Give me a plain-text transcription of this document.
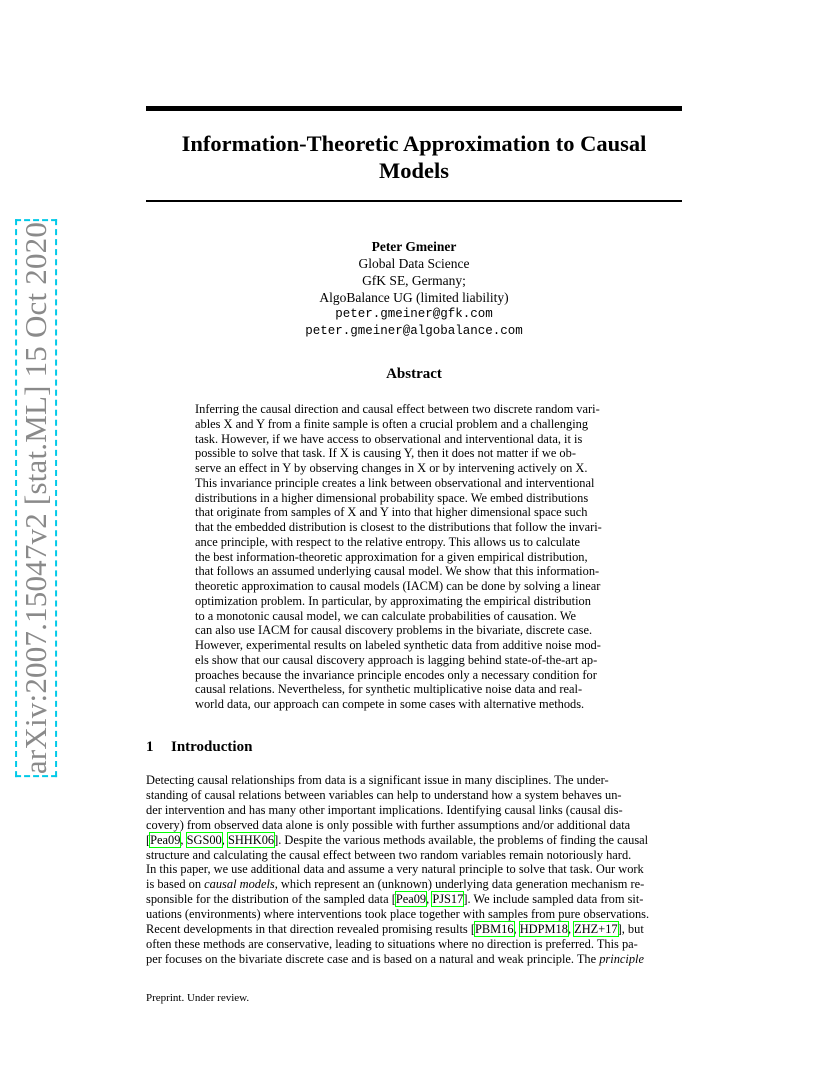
arXiv:2007.15047v2 [stat.ML] 15 Oct 2020
Information-Theoretic Approximation to Causal
Models
Peter Gmeiner
Global Data Science
GfK SE, Germany;
AlgoBalance UG (limited liability)
peter.gmeiner@gfk.com
peter.gmeiner@algobalance.com
Abstract
Inferring the causal direction and causal effect between two discrete random vari-
ables X and Y from a finite sample is often a crucial problem and a challenging
task. However, if we have access to observational and interventional data, it is
possible to solve that task. If X is causing Y, then it does not matter if we ob-
serve an effect in Y by observing changes in X or by intervening actively on X.
This invariance principle creates a link between observational and interventional
distributions in a higher dimensional probability space. We embed distributions
that originate from samples of X and Y into that higher dimensional space such
that the embedded distribution is closest to the distributions that follow the invari-
ance principle, with respect to the relative entropy. This allows us to calculate
the best information-theoretic approximation for a given empirical distribution,
that follows an assumed underlying causal model. We show that this information-
theoretic approximation to causal models (IACM) can be done by solving a linear
optimization problem. In particular, by approximating the empirical distribution
to a monotonic causal model, we can calculate probabilities of causation. We
can also use IACM for causal discovery problems in the bivariate, discrete case.
However, experimental results on labeled synthetic data from additive noise mod-
els show that our causal discovery approach is lagging behind state-of-the-art ap-
proaches because the invariance principle encodes only a necessary condition for
causal relations. Nevertheless, for synthetic multiplicative noise data and real-
world data, our approach can compete in some cases with alternative methods.
1 Introduction
Detecting causal relationships from data is a significant issue in many disciplines. The under-
standing of causal relations between variables can help to understand how a system behaves un-
der intervention and has many other important implications. Identifying causal links (causal dis-
covery) from observed data alone is only possible with further assumptions and/or additional data
[Pea09, SGS00, SHHK06]. Despite the various methods available, the problems of finding the causal
structure and calculating the causal effect between two random variables remain notoriously hard.
In this paper, we use additional data and assume a very natural principle to solve that task. Our work
is based on causal models, which represent an (unknown) underlying data generation mechanism re-
sponsible for the distribution of the sampled data [Pea09, PJS17]. We include sampled data from sit-
uations (environments) where interventions took place together with samples from pure observations.
Recent developments in that direction revealed promising results [PBM16, HDPM18, ZHZ+17], but
often these methods are conservative, leading to situations where no direction is preferred. This pa-
per focuses on the bivariate discrete case and is based on a natural and weak principle. The principle
Preprint. Under review.
